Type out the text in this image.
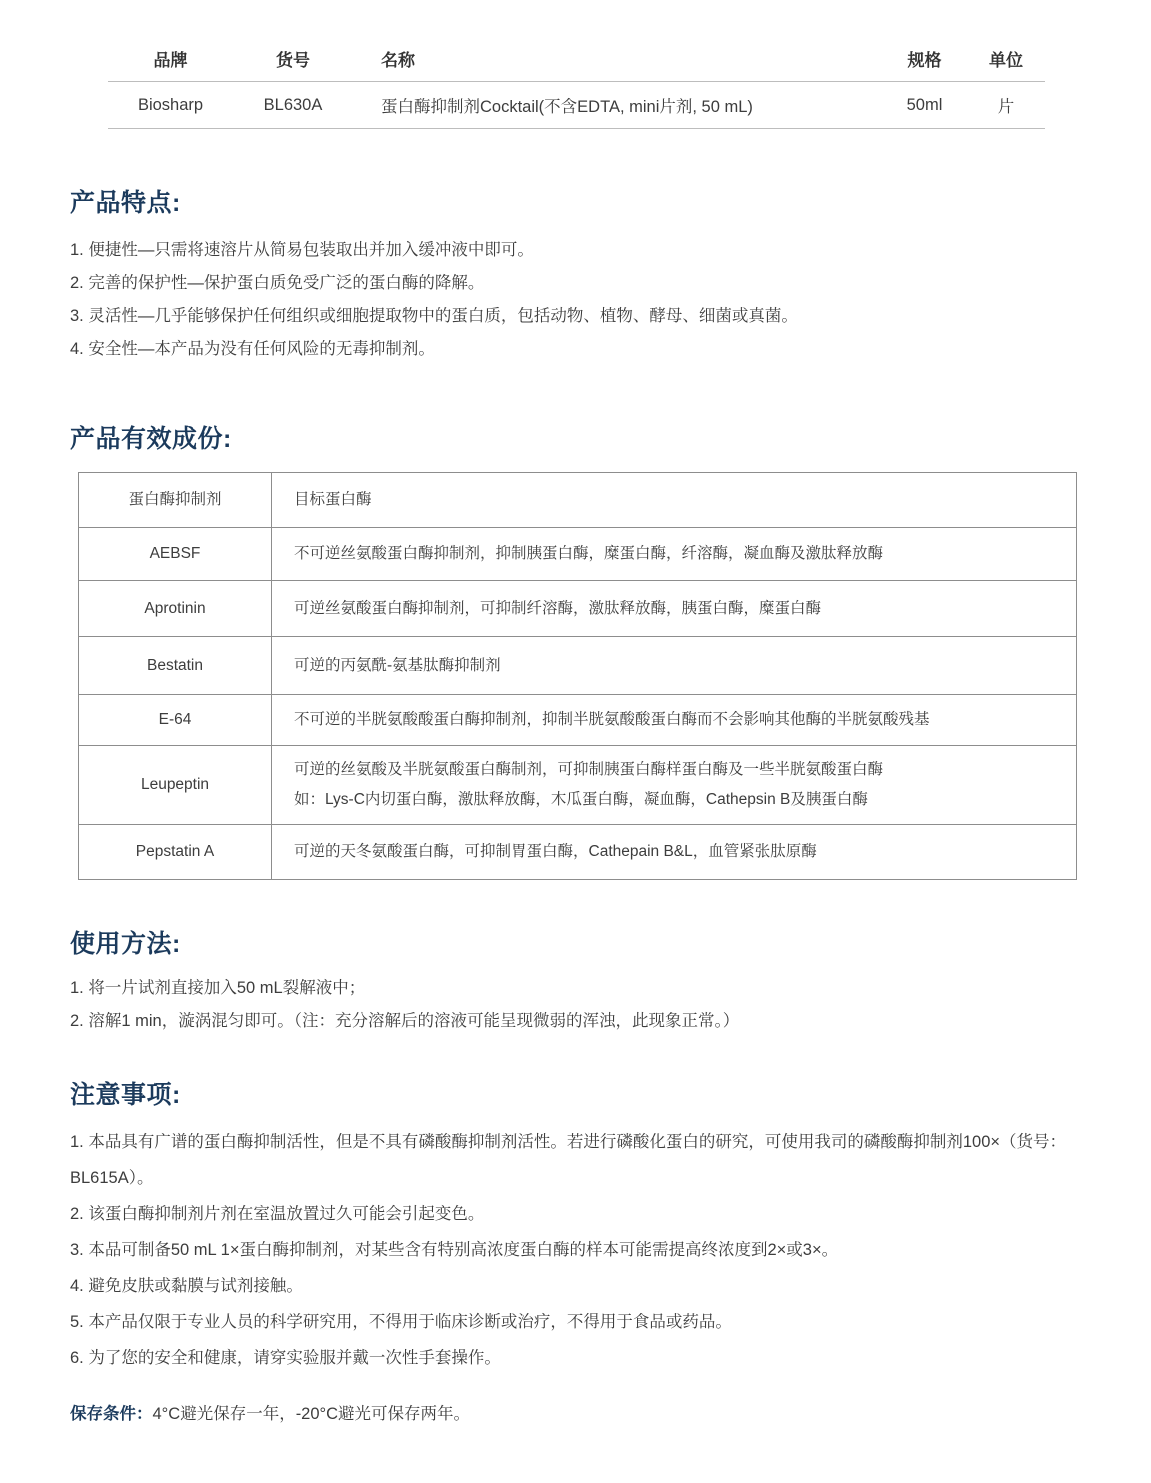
品牌	货号	名称	规格	单位
Biosharp	BL630A	蛋白酶抑制剂Cocktail(不含EDTA, mini片剂, 50 mL)	50ml	片
产品特点:
1. 便捷性—只需将速溶片从简易包装取出并加入缓冲液中即可。
2. 完善的保护性—保护蛋白质免受广泛的蛋白酶的降解。
3. 灵活性—几乎能够保护任何组织或细胞提取物中的蛋白质，包括动物、植物、酵母、细菌或真菌。
4. 安全性—本产品为没有任何风险的无毒抑制剂。
产品有效成份:
蛋白酶抑制剂	目标蛋白酶
AEBSF	不可逆丝氨酸蛋白酶抑制剂，抑制胰蛋白酶，糜蛋白酶，纤溶酶，凝血酶及激肽释放酶
Aprotinin	可逆丝氨酸蛋白酶抑制剂，可抑制纤溶酶，激肽释放酶，胰蛋白酶，糜蛋白酶
Bestatin	可逆的丙氨酰-氨基肽酶抑制剂
E-64	不可逆的半胱氨酸酸蛋白酶抑制剂，抑制半胱氨酸酸蛋白酶而不会影响其他酶的半胱氨酸残基
Leupeptin	可逆的丝氨酸及半胱氨酸蛋白酶制剂，可抑制胰蛋白酶样蛋白酶及一些半胱氨酸蛋白酶
如：Lys-C内切蛋白酶，激肽释放酶，木瓜蛋白酶，凝血酶，Cathepsin B及胰蛋白酶

Pepstatin A	可逆的天冬氨酸蛋白酶，可抑制胃蛋白酶，Cathepain B&L，血管紧张肽原酶
使用方法:
1. 将一片试剂直接加入50 mL裂解液中；
2. 溶解1 min，漩涡混匀即可。（注：充分溶解后的溶液可能呈现微弱的浑浊，此现象正常。）
注意事项:
1. 本品具有广谱的蛋白酶抑制活性，但是不具有磷酸酶抑制剂活性。若进行磷酸化蛋白的研究，可使用我司的磷酸酶抑制剂100×（货号：BL615A）。
2. 该蛋白酶抑制剂片剂在室温放置过久可能会引起变色。
3. 本品可制备50 mL 1×蛋白酶抑制剂，对某些含有特别高浓度蛋白酶的样本可能需提高终浓度到2×或3×。
4. 避免皮肤或黏膜与试剂接触。
5. 本产品仅限于专业人员的科学研究用，不得用于临床诊断或治疗，不得用于食品或药品。
6. 为了您的安全和健康，请穿实验服并戴一次性手套操作。
保存条件：4°C避光保存一年，-20°C避光可保存两年。
